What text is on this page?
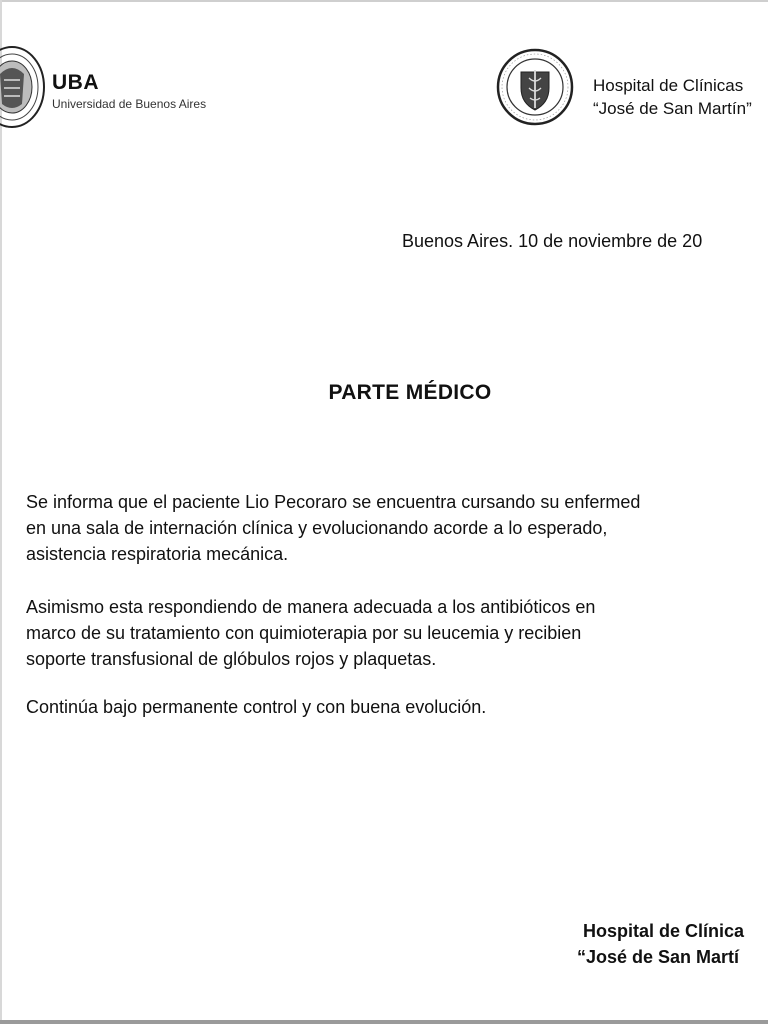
UBA
Universidad de Buenos Aires
Hospital de Clínicas
“José de San Martín”
Buenos Aires. 10 de noviembre de 20
PARTE MÉDICO
Se informa que el paciente Lio Pecoraro se encuentra cursando su enfermed
en una sala de internación clínica y evolucionando acorde a lo esperado,
asistencia respiratoria mecánica.
Asimismo esta respondiendo de manera adecuada a los antibióticos en
marco de su tratamiento con quimioterapia por su leucemia y recibien
soporte transfusional de glóbulos rojos y plaquetas.
Continúa bajo permanente control y con buena evolución.
Hospital de Clínica
“José de San Martí
